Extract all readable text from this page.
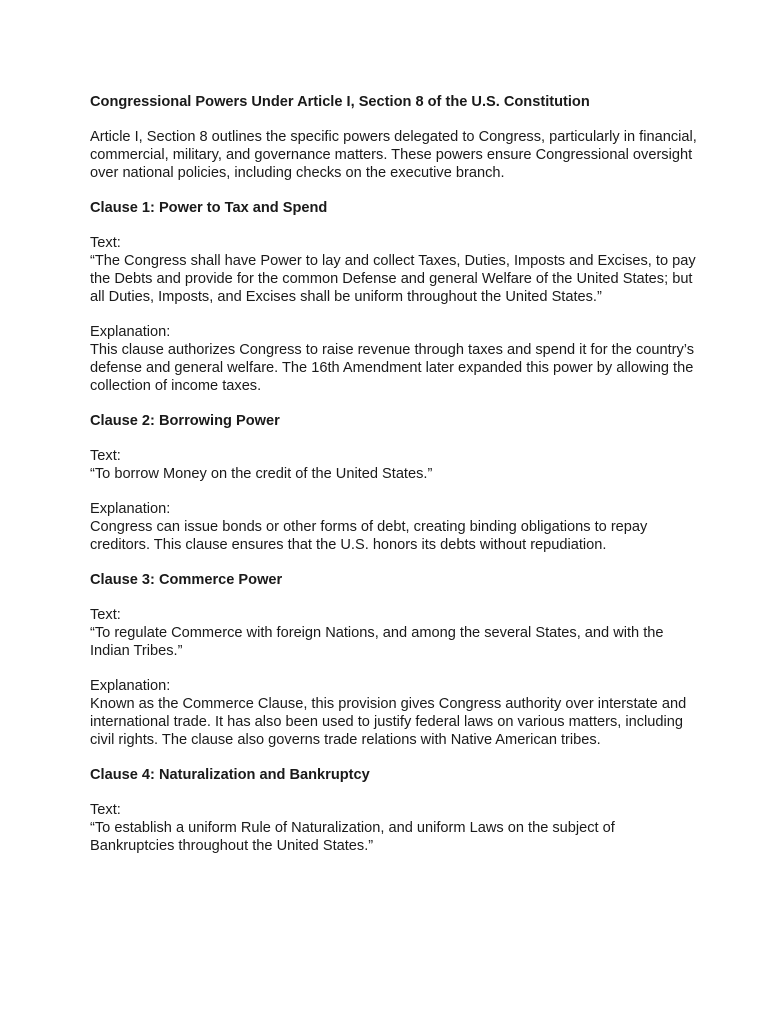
Congressional Powers Under Article I, Section 8 of the U.S. Constitution
Article I, Section 8 outlines the specific powers delegated to Congress, particularly in financial, commercial, military, and governance matters. These powers ensure Congressional oversight over national policies, including checks on the executive branch.
Clause 1: Power to Tax and Spend
Text:
“The Congress shall have Power to lay and collect Taxes, Duties, Imposts and Excises, to pay the Debts and provide for the common Defense and general Welfare of the United States; but all Duties, Imposts, and Excises shall be uniform throughout the United States.”
Explanation:
This clause authorizes Congress to raise revenue through taxes and spend it for the country’s defense and general welfare. The 16th Amendment later expanded this power by allowing the collection of income taxes.
Clause 2: Borrowing Power
Text:
“To borrow Money on the credit of the United States.”
Explanation:
Congress can issue bonds or other forms of debt, creating binding obligations to repay creditors. This clause ensures that the U.S. honors its debts without repudiation.
Clause 3: Commerce Power
Text:
“To regulate Commerce with foreign Nations, and among the several States, and with the Indian Tribes.”
Explanation:
Known as the Commerce Clause, this provision gives Congress authority over interstate and international trade. It has also been used to justify federal laws on various matters, including civil rights. The clause also governs trade relations with Native American tribes.
Clause 4: Naturalization and Bankruptcy
Text:
“To establish a uniform Rule of Naturalization, and uniform Laws on the subject of Bankruptcies throughout the United States.”
